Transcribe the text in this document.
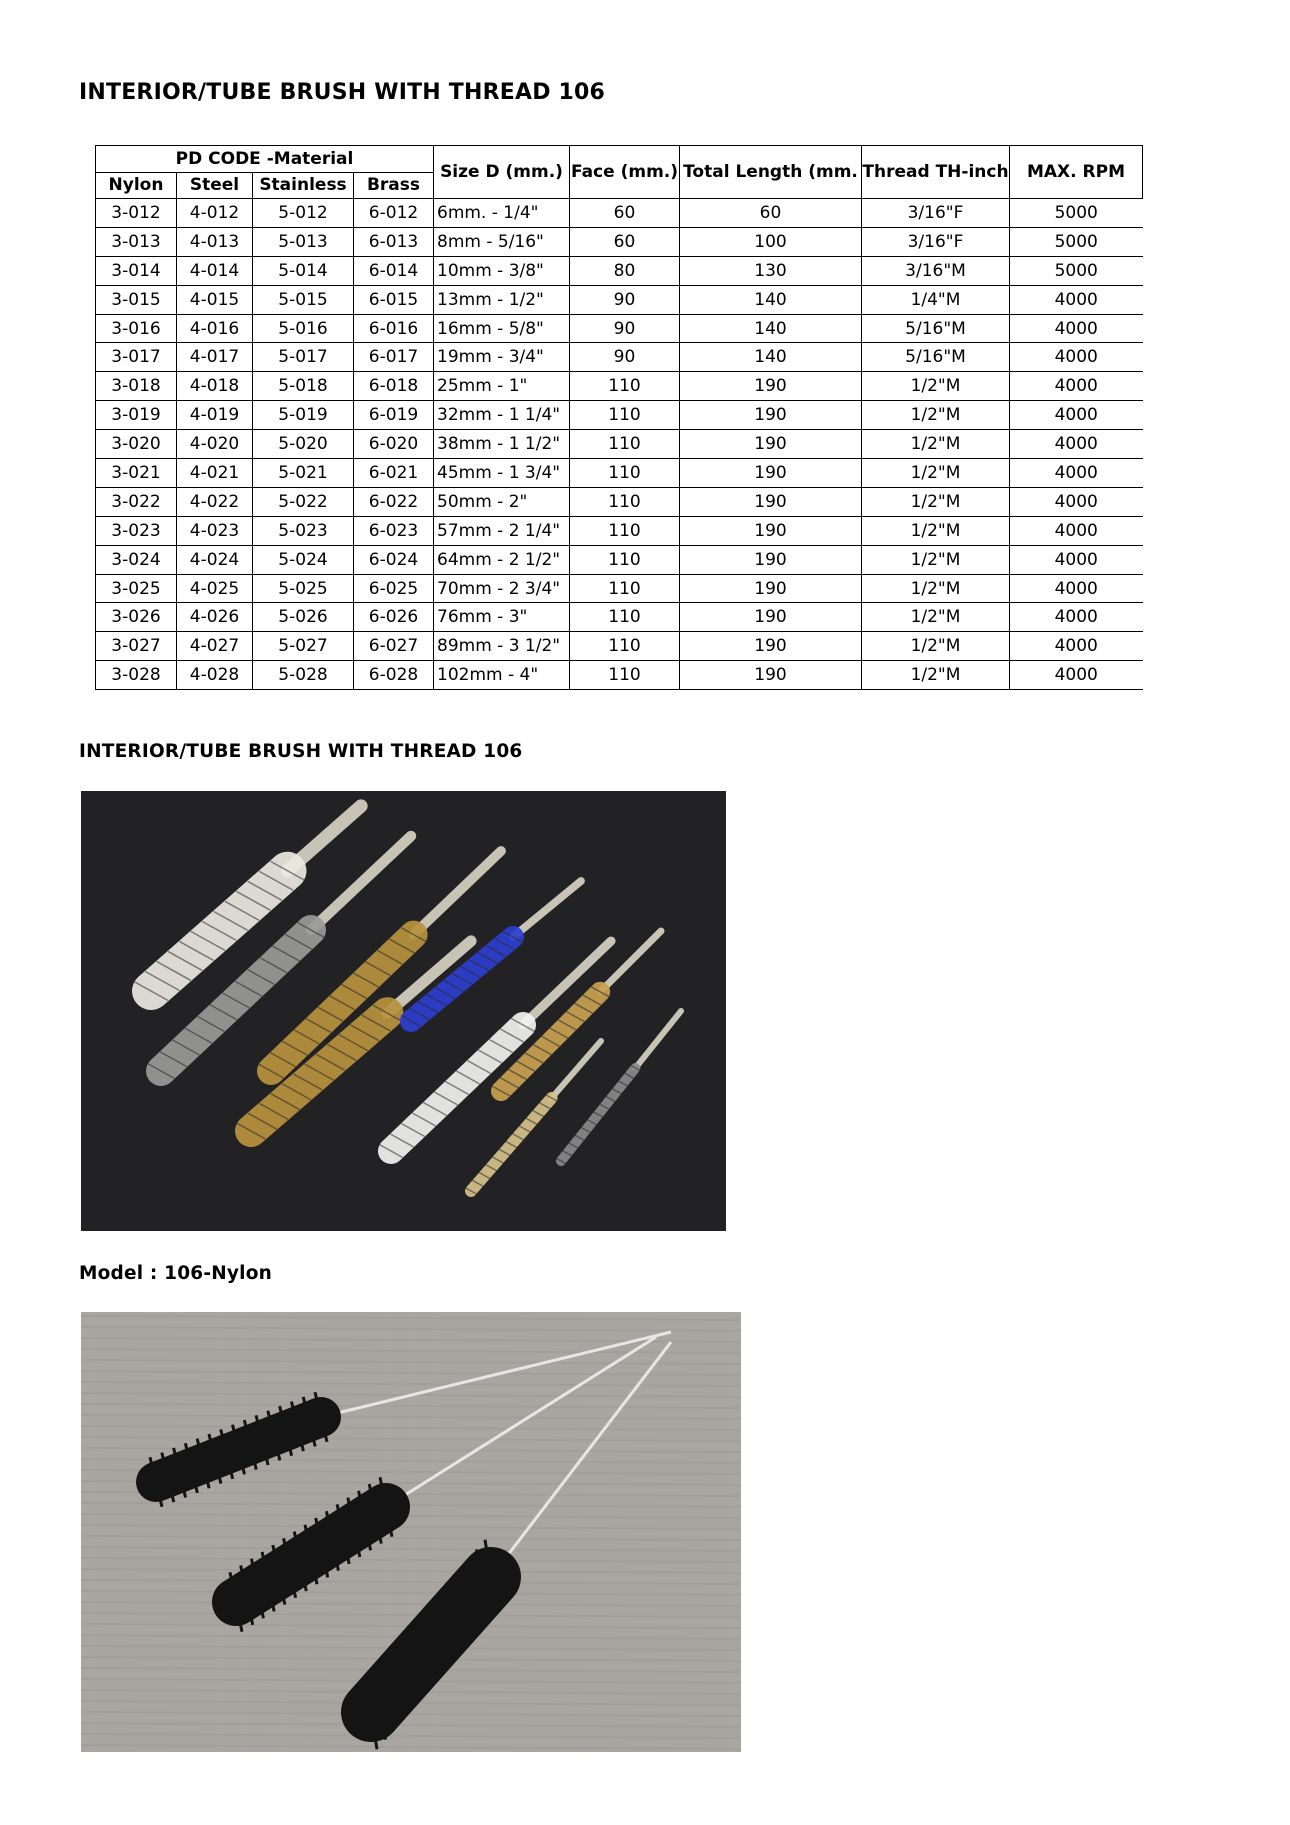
INTERIOR/TUBE BRUSH WITH THREAD 106
PD CODE -Material				Size D (mm.)	Face (mm.)	Total Length (mm.	Thread TH-inch	MAX. RPM
Nylon	Steel	Stainless	Brass					
3-012	4-012	5-012	6-012	6mm. - 1/4"	60	60	3/16"F	5000
3-013	4-013	5-013	6-013	8mm - 5/16"	60	100	3/16"F	5000
3-014	4-014	5-014	6-014	10mm - 3/8"	80	130	3/16"M	5000
3-015	4-015	5-015	6-015	13mm - 1/2"	90	140	1/4"M	4000
3-016	4-016	5-016	6-016	16mm - 5/8"	90	140	5/16"M	4000
3-017	4-017	5-017	6-017	19mm - 3/4"	90	140	5/16"M	4000
3-018	4-018	5-018	6-018	25mm - 1"	110	190	1/2"M	4000
3-019	4-019	5-019	6-019	32mm - 1 1/4"	110	190	1/2"M	4000
3-020	4-020	5-020	6-020	38mm - 1 1/2"	110	190	1/2"M	4000
3-021	4-021	5-021	6-021	45mm - 1 3/4"	110	190	1/2"M	4000
3-022	4-022	5-022	6-022	50mm - 2"	110	190	1/2"M	4000
3-023	4-023	5-023	6-023	57mm - 2 1/4"	110	190	1/2"M	4000
3-024	4-024	5-024	6-024	64mm - 2 1/2"	110	190	1/2"M	4000
3-025	4-025	5-025	6-025	70mm - 2 3/4"	110	190	1/2"M	4000
3-026	4-026	5-026	6-026	76mm - 3"	110	190	1/2"M	4000
3-027	4-027	5-027	6-027	89mm - 3 1/2"	110	190	1/2"M	4000
3-028	4-028	5-028	6-028	102mm - 4"	110	190	1/2"M	4000
INTERIOR/TUBE BRUSH WITH THREAD 106
Model : 106-Nylon
